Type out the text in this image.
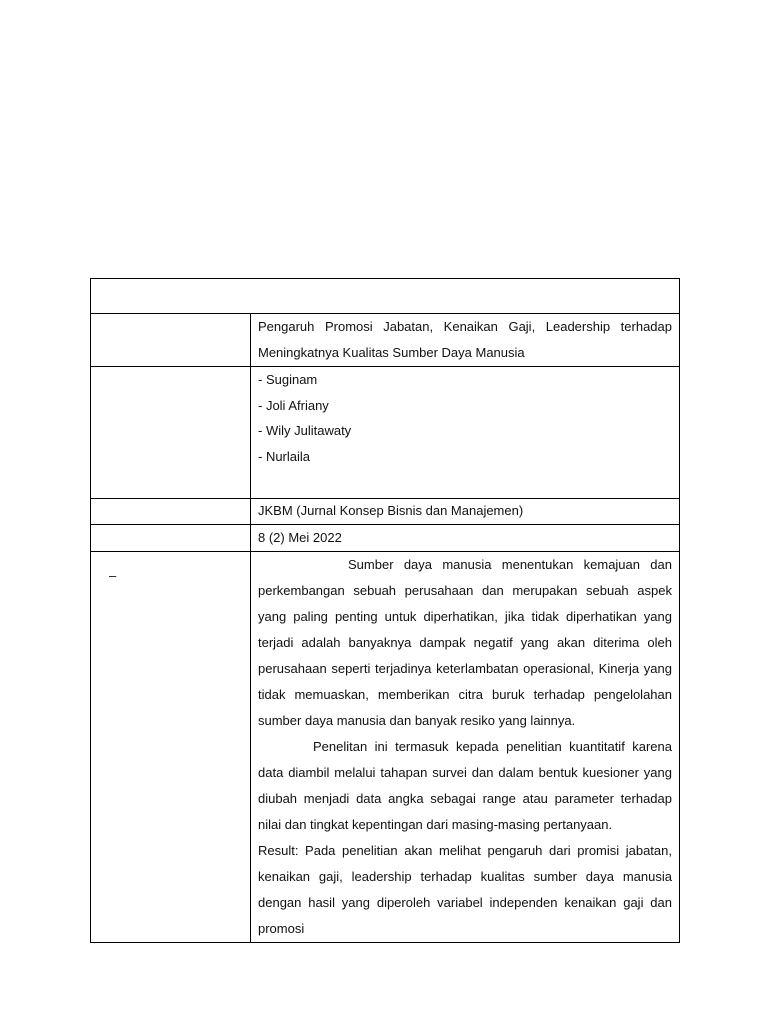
	Pengaruh Promosi Jabatan, Kenaikan Gaji, Leadership terhadap Meningkatnya Kualitas Sumber Daya Manusia

	- Suginam

- Joli Afriany

- Wily Julitawaty

- Nurlaila

	JKBM (Jurnal Konsep Bisnis dan Manajemen)

	8 (2) Mei 2022

–	Sumber daya manusia menentukan kemajuan dan perkembangan sebuah perusahaan dan merupakan sebuah aspek yang paling penting untuk diperhatikan, jika tidak diperhatikan yang terjadi adalah banyaknya dampak negatif yang akan diterima oleh perusahaan seperti terjadinya keterlambatan operasional, Kinerja yang tidak memuaskan, memberikan citra buruk terhadap pengelolahan sumber daya manusia dan banyak resiko yang lainnya.

Penelitan ini termasuk kepada penelitian kuantitatif karena data diambil melalui tahapan survei dan dalam bentuk kuesioner yang diubah menjadi data angka sebagai range atau parameter terhadap nilai dan tingkat kepentingan dari masing-masing pertanyaan.

Result: Pada penelitian akan melihat pengaruh dari promisi jabatan, kenaikan gaji, leadership terhadap kualitas sumber daya manusia dengan hasil yang diperoleh variabel independen kenaikan gaji dan promosi
